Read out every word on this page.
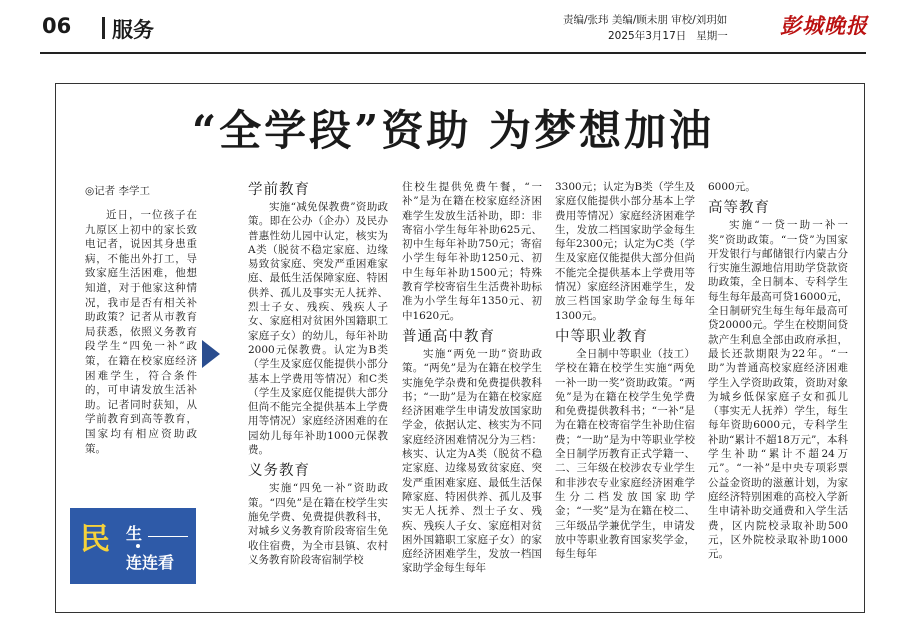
06 服务	责编/张玮 美编/顾未朋 审校/刘玥如
2025年3月17日 星期一 彭城晚报
“全学段”资助 为梦想加油
◎记者 李学工

近日，一位孩子在九原区上初中的家长致电记者，说因其身患重病，不能出外打工，导致家庭生活困难，他想知道，对于他家这种情况，我市是否有相关补助政策？记者从市教育局获悉，依照义务教育段学生“四免一补”政策，在籍在校家庭经济困难学生，符合条件的，可申请发放生活补助。记者同时获知，从学前教育到高等教育，国家均有相应资助政策。

民 生
连连看
学前教育

实施“减免保教费”资助政策。即在公办（企办）及民办普惠性幼儿园中认定，核实为A类（脱贫不稳定家庭、边缘易致贫家庭、突发严重困难家庭、最低生活保障家庭、特困供养、孤儿及事实无人抚养、烈士子女、残疾、残疾人子女、家庭相对贫困外国籍职工家庭子女）的幼儿，每年补助2000元保教费。认定为B类（学生及家庭仅能提供小部分基本上学费用等情况）和C类（学生及家庭仅能提供大部分但尚不能完全提供基本上学费用等情况）家庭经济困难的在园幼儿每年补助1000元保教费。

义务教育

实施“四免一补”资助政策。“四免”是在籍在校学生实施免学费、免费提供教科书，对城乡义务教育阶段寄宿生免收住宿费，为全市县镇、农村义务教育阶段寄宿制学校

住校生提供免费午餐，“一补”是为在籍在校家庭经济困难学生发放生活补助，即：非寄宿小学生每年补助625元、初中生每年补助750元；寄宿小学生每年补助1250元、初中生每年补助1500元；特殊教育学校寄宿生生活费补助标准为小学生每年1350元、初中1620元。

普通高中教育

实施“两免一助”资助政策。“两免”是为在籍在校学生实施免学杂费和免费提供教科书；“一助”是为在籍在校家庭经济困难学生申请发放国家助学金，依据认定、核实为不同家庭经济困难情况分为三档：核实、认定为A类（脱贫不稳定家庭、边缘易致贫家庭、突发严重困难家庭、最低生活保障家庭、特困供养、孤儿及事实无人抚养、烈士子女、残疾、残疾人子女、家庭相对贫困外国籍职工家庭子女）的家庭经济困难学生，发放一档国家助学金每生每年

3300元；认定为B类（学生及家庭仅能提供小部分基本上学费用等情况）家庭经济困难学生，发放二档国家助学金每生每年2300元；认定为C类（学生及家庭仅能提供大部分但尚不能完全提供基本上学费用等情况）家庭经济困难学生，发放三档国家助学金每生每年1300元。

中等职业教育

全日制中等职业（技工）学校在籍在校学生实施“两免一补一助一奖”资助政策。“两免”是为在籍在校学生免学费和免费提供教科书；“一补”是为在籍在校寄宿学生补助住宿费；“一助”是为中等职业学校全日制学历教育正式学籍一、二、三年级在校涉农专业学生和非涉农专业家庭经济困难学生分二档发放国家助学金；“一奖”是为在籍在校二、三年级品学兼优学生，申请发放中等职业教育国家奖学金，每生每年

6000元。

高等教育

实施“一贷一助一补一奖”资助政策。“一贷”为国家开发银行与邮储银行内蒙古分行实施生源地信用助学贷款资助政策，全日制本、专科学生每生每年最高可贷16000元，全日制研究生每生每年最高可贷20000元。学生在校期间贷款产生利息全部由政府承担，最长还款期限为22年。“一助”为普通高校家庭经济困难学生入学资助政策，资助对象为城乡低保家庭子女和孤儿（事实无人抚养）学生，每生每年资助6000元，专科学生补助“累计不超18万元”，本科学生补助“累计不超24万元”。“一补”是中央专项彩票公益金资助的滋蕙计划，为家庭经济特别困难的高校入学新生申请补助交通费和入学生活费，区内院校录取补助500元，区外院校录取补助1000元。
